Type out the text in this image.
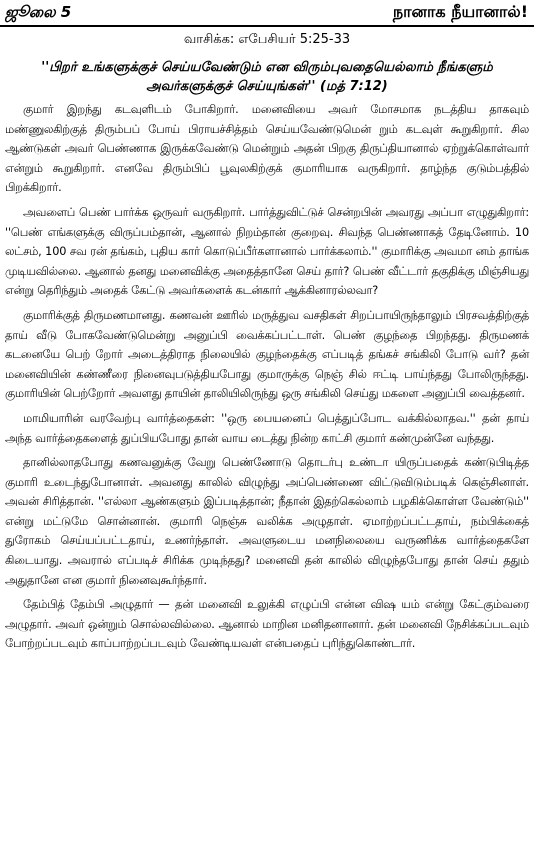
ஜூலை 5	நானாக நீயானால்!
வாசிக்க: எபேசியர் 5:25-33
''பிறர் உங்களுக்குச் செய்யவேண்டும் என விரும்புவதையெல்லாம் நீங்களும் அவர்களுக்குச் செய்யுங்கள்'' (மத் 7:12)

குமார் இறந்து கடவுளிடம் போகிறார். மனைவியை அவர் மோசமாக நடத்திய தாகவும் மண்ணுலகிற்குத் திரும்பப் போய் பிராயச்சித்தம் செய்யவேண்டுமென் றும் கடவுள் கூறுகிறார். சில ஆண்டுகள் அவர் பெண்ணாக இருக்கவேண்டு மென்றும் அதன் பிறகு திருப்தியானால் ஏற்றுக்கொள்வார் என்றும் கூறுகிறார். எனவே திரும்பிப் பூவுலகிற்குக் குமாரியாக வருகிறார். தாழ்ந்த குடும்பத்தில் பிறக்கிறார்.

அவளைப் பெண் பார்க்க ஒருவர் வருகிறார். பார்த்துவிட்டுச் சென்றபின் அவரது அப்பா எழுதுகிறார்: ''பெண் எங்களுக்கு விருப்பம்தான், ஆனால் நிறம்தான் குறைவு. சிவந்த பெண்ணாகத் தேடினோம். 10 லட்சம், 100 சவ ரன் தங்கம், புதிய கார் கொடுப்பீர்களானால் பார்க்கலாம்.'' குமாரிக்கு அவமா னம் தாங்க முடியவில்லை. ஆனால் தனது மனைவிக்கு அதைத்தானே செய் தார்? பெண் வீட்டார் தகுதிக்கு மிஞ்சியது என்று தெரிந்தும் அதைக் கேட்டு அவர்களைக் கடன்கார் ஆக்கினாரல்லவா?

குமாரிக்குத் திருமணமானது. கணவன் ஊரில் மருத்துவ வசதிகள் சிறப்பாயிருந்தாலும் பிரசவத்திற்குத் தாய் வீடு போகவேண்டுமென்று அனுப்பி வைக்கப்பட்டாள். பெண் குழந்தை பிறந்தது. திருமணக் கடனையே பெற் றோர் அடைத்திராத நிலையில் குழந்தைக்கு எப்படித் தங்கச் சங்கிலி போடு வர்? தன் மனைவியின் கண்ணீரை நினைவுபடுத்தியபோது குமாருக்கு நெஞ் சில் ஈட்டி பாய்ந்தது போலிருந்தது. குமாரியின் பெற்றோர் அவளது தாயின் தாலியிலிருந்து ஒரு சங்கிலி செய்து மகளை அனுப்பி வைத்தனர்.

மாமியாரின் வரவேற்பு வார்த்தைகள்: ''ஒரு பையனைப் பெத்துப்போட வக்கில்லாதவ.'' தன் தாய் அந்த வார்த்தைகளைத் துப்பியபோது தான் வாய டைத்து நின்ற காட்சி குமார் கண்முன்னே வந்தது.

தானில்லாதபோது கணவனுக்கு வேறு பெண்ணோடு தொடர்பு உண்டா யிருப்பதைக் கண்டுபிடித்த குமாரி உடைந்துபோனாள். அவனது காலில் விழுந்து அப்பெண்ணை விட்டுவிடும்படிக் கெஞ்சினாள். அவன் சிரித்தான். ''எல்லா ஆண்களும் இப்படித்தான்; நீதான் இதற்கெல்லாம் பழகிக்கொள்ள வேண்டும்'' என்று மட்டுமே சொன்னான். குமாரி நெஞ்சு வலிக்க அழுதாள். ஏமாற்றப்பட்டதாய், நம்பிக்கைத் துரோகம் செய்யப்பட்டதாய், உணர்ந்தாள். அவளுடைய மனநிலையை வருணிக்க வார்த்தைகளே கிடையாது. அவரால் எப்படிச் சிரிக்க முடிந்தது? மனைவி தன் காலில் விழுந்தபோது தான் செய் ததும் அதுதானே என குமார் நினைவுகூர்ந்தார்.

தேம்பித் தேம்பி அழுதார் — தன் மனைவி உலுக்கி எழுப்பி என்ன விஷ யம் என்று கேட்கும்வரை அழுதார். அவர் ஒன்றும் சொல்லவில்லை. ஆனால் மாறின மனிதனானார். தன் மனைவி நேசிக்கப்படவும் போற்றப்படவும் காப்பாற்றப்படவும் வேண்டியவள் என்பதைப் புரிந்துகொண்டார்.
